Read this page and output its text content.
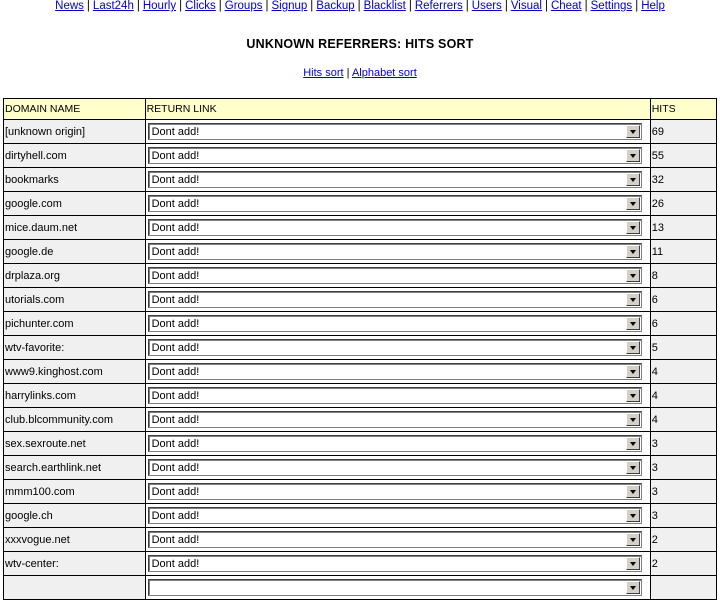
News | Last24h | Hourly | Clicks | Groups | Signup | Backup | Blacklist | Referrers | Users | Visual | Cheat | Settings | Help
UNKNOWN REFERRERS: HITS SORT
Hits sort | Alphabet sort
DOMAIN NAME	RETURN LINK	HITS
[unknown origin]	Dont add!	69
dirtyhell.com	Dont add!	55
bookmarks	Dont add!	32
google.com	Dont add!	26
mice.daum.net	Dont add!	13
google.de	Dont add!	11
drplaza.org	Dont add!	8
utorials.com	Dont add!	6
pichunter.com	Dont add!	6
wtv-favorite:	Dont add!	5
www9.kinghost.com	Dont add!	4
harrylinks.com	Dont add!	4
club.blcommunity.com	Dont add!	4
sex.sexroute.net	Dont add!	3
search.earthlink.net	Dont add!	3
mmm100.com	Dont add!	3
google.ch	Dont add!	3
xxxvogue.net	Dont add!	2
wtv-center:	Dont add!	2
